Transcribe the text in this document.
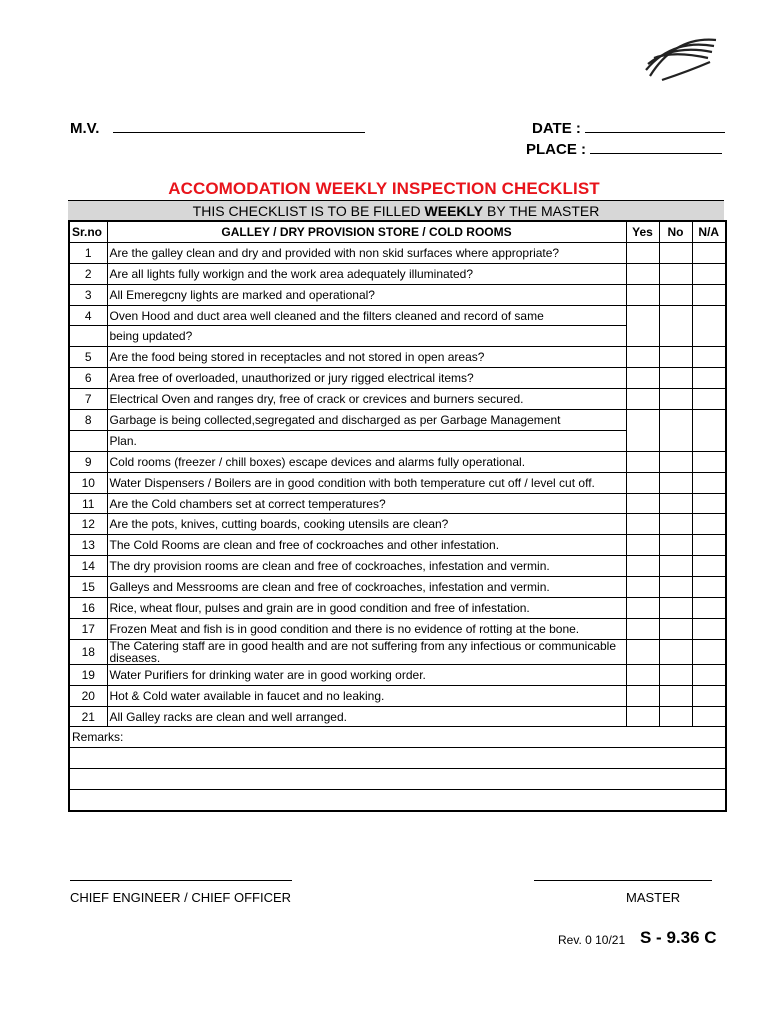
M.V.	DATE :
PLACE :
ACCOMODATION WEEKLY INSPECTION CHECKLIST
THIS CHECKLIST IS TO BE FILLED WEEKLY BY THE MASTER
Sr.no	GALLEY / DRY PROVISION STORE / COLD ROOMS	Yes	No	N/A
1	Are the galley clean and dry and provided with non skid surfaces where appropriate?			
2	Are all lights fully workign and the work area adequately illuminated?			
3	All Emeregcny lights are marked and operational?			
4	Oven Hood and duct area well cleaned and the filters cleaned and record of same			
	being updated?			
5	Are the food being stored in receptacles and not stored in open areas?			
6	Area free of overloaded, unauthorized or jury rigged electrical items?			
7	Electrical Oven and ranges dry, free of crack or crevices and burners secured.			
8	Garbage is being collected,segregated and discharged as per Garbage Management			
	Plan.			
9	Cold rooms (freezer / chill boxes) escape devices and alarms fully operational.			
10	Water Dispensers / Boilers are in good condition with both temperature cut off / level cut off.			
11	Are the Cold chambers set at correct temperatures?			
12	Are the pots, knives, cutting boards, cooking utensils are clean?			
13	The Cold Rooms are clean and free of cockroaches and other infestation.			
14	The dry provision rooms are clean and free of cockroaches, infestation and vermin.			
15	Galleys and Messrooms are clean and free of cockroaches, infestation and vermin.			
16	Rice, wheat flour, pulses and grain are in good condition and free of infestation.			
17	Frozen Meat and fish is in good condition and there is no evidence of rotting at the bone.			
18	The Catering staff are in good health and are not suffering from any infectious or communicable diseases.			
19	Water Purifiers for drinking water are in good working order.			
20	Hot & Cold water available in faucet and no leaking.			
21	All Galley racks are clean and well arranged.			
Remarks:				

CHIEF ENGINEER / CHIEF OFFICER	MASTER
Rev. 0 10/21 S - 9.36 C
